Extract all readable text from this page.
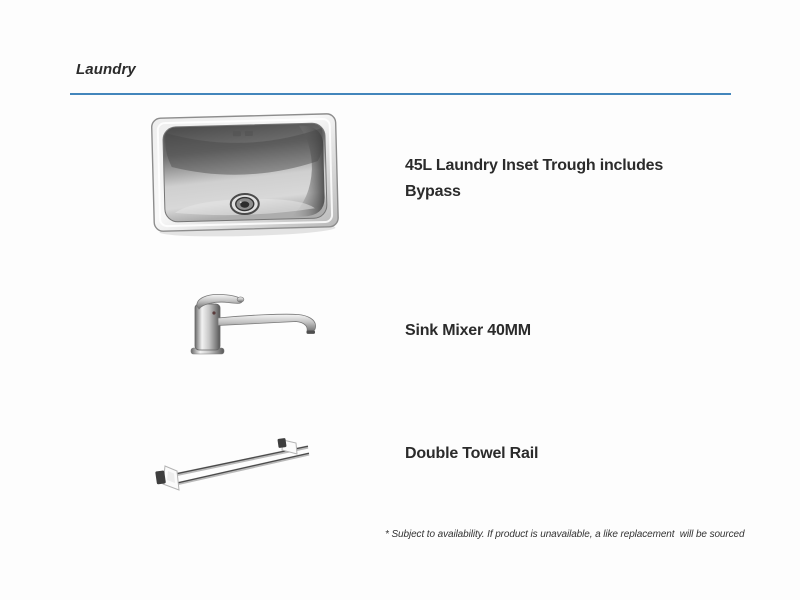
Laundry
45L Laundry Inset Trough includes Bypass
Sink Mixer 40MM
Double Towel Rail
* Subject to availability. If product is unavailable, a like replacement  will be sourced
